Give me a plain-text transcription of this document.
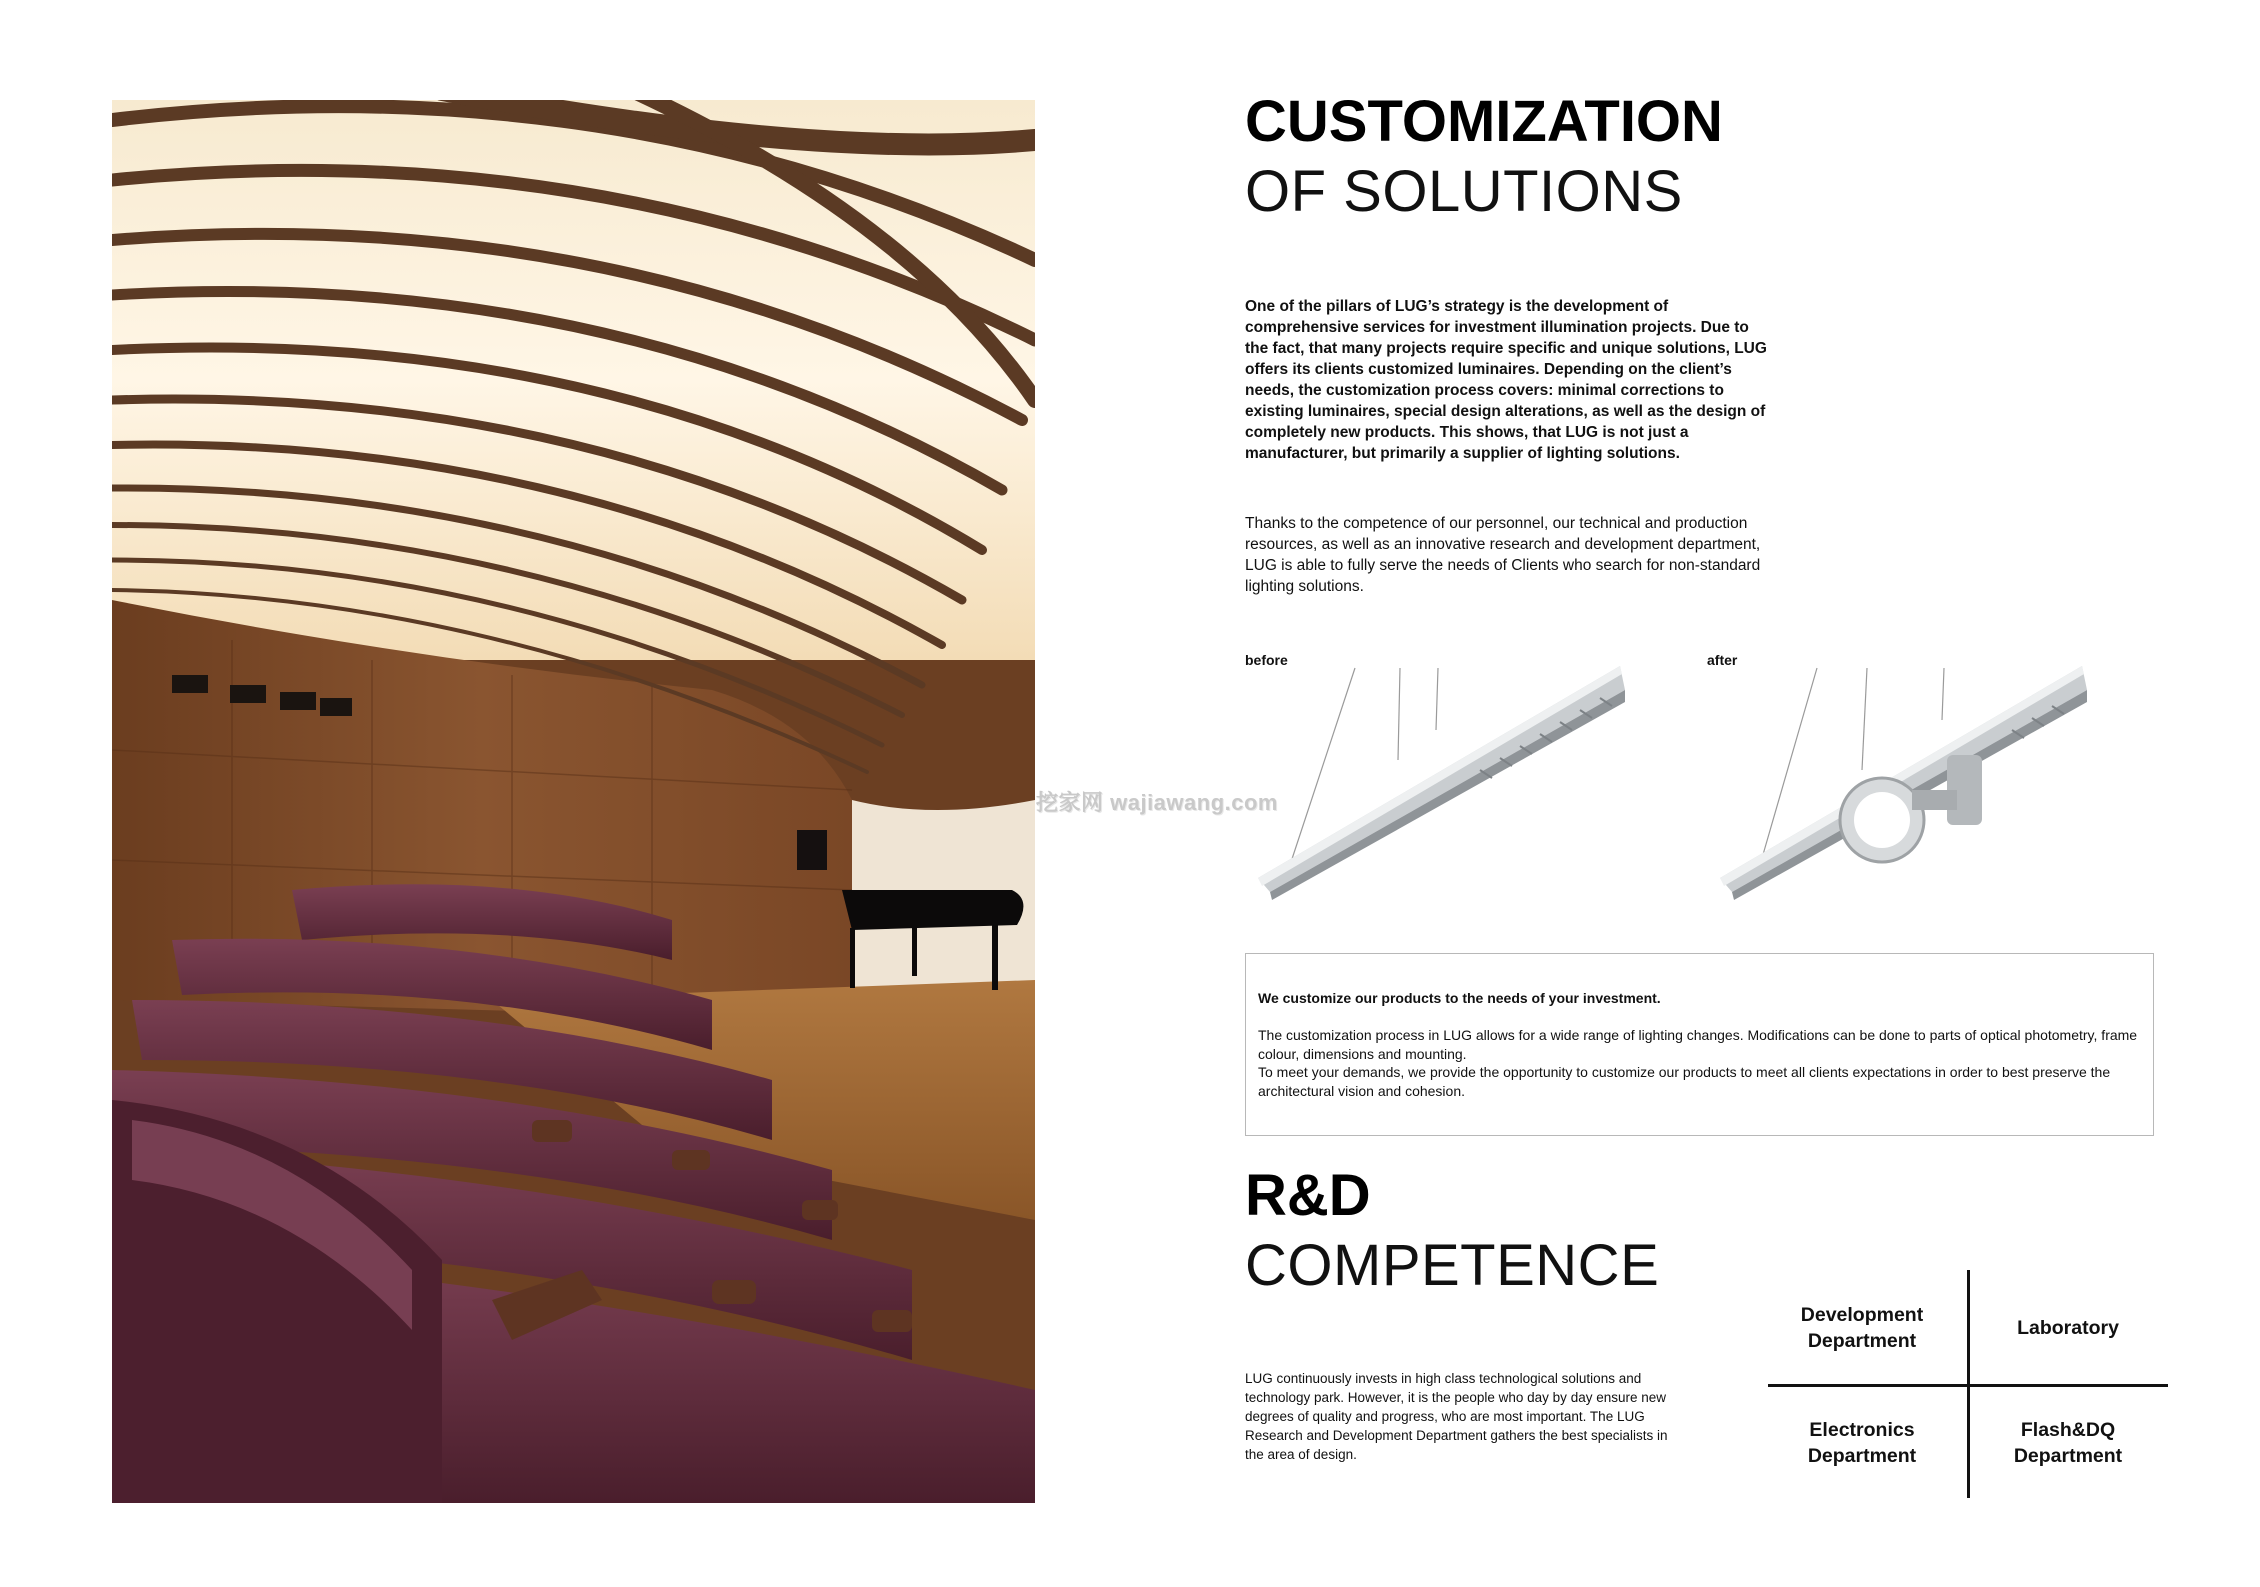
CUSTOMIZATION
OF SOLUTIONS

One of the pillars of LUG’s strategy is the development of comprehensive services for investment illumination projects. Due to the fact, that many projects require specific and unique solutions, LUG offers its clients customized luminaires. Depending on the client’s needs, the customization process covers: minimal corrections to existing luminaires, special design alterations, as well as the design of completely new products. This shows, that LUG is not just a manufacturer, but primarily a supplier of lighting solutions.

Thanks to the competence of our personnel, our technical and production resources, as well as an innovative research and development department, LUG is able to fully serve the needs of Clients who search for non-standard lighting solutions.

before	after
挖家网 wajiawang.com
We customize our products to the needs of your investment.
The customization process in LUG allows for a wide range of lighting changes. Modifications can be done to parts of optical photometry, frame colour, dimensions and mounting.
To meet your demands, we provide the opportunity to customize our products to meet all clients expectations in order to best preserve the architectural vision and cohesion.
R&D
COMPETENCE

LUG continuously invests in high class technological solutions and technology park. However, it is the people who day by day ensure new degrees of quality and progress, who are most important. The LUG Research and Development Department gathers the best specialists in the area of design.

Development Department
Laboratory
Electronics Department
Flash&DQ Department
